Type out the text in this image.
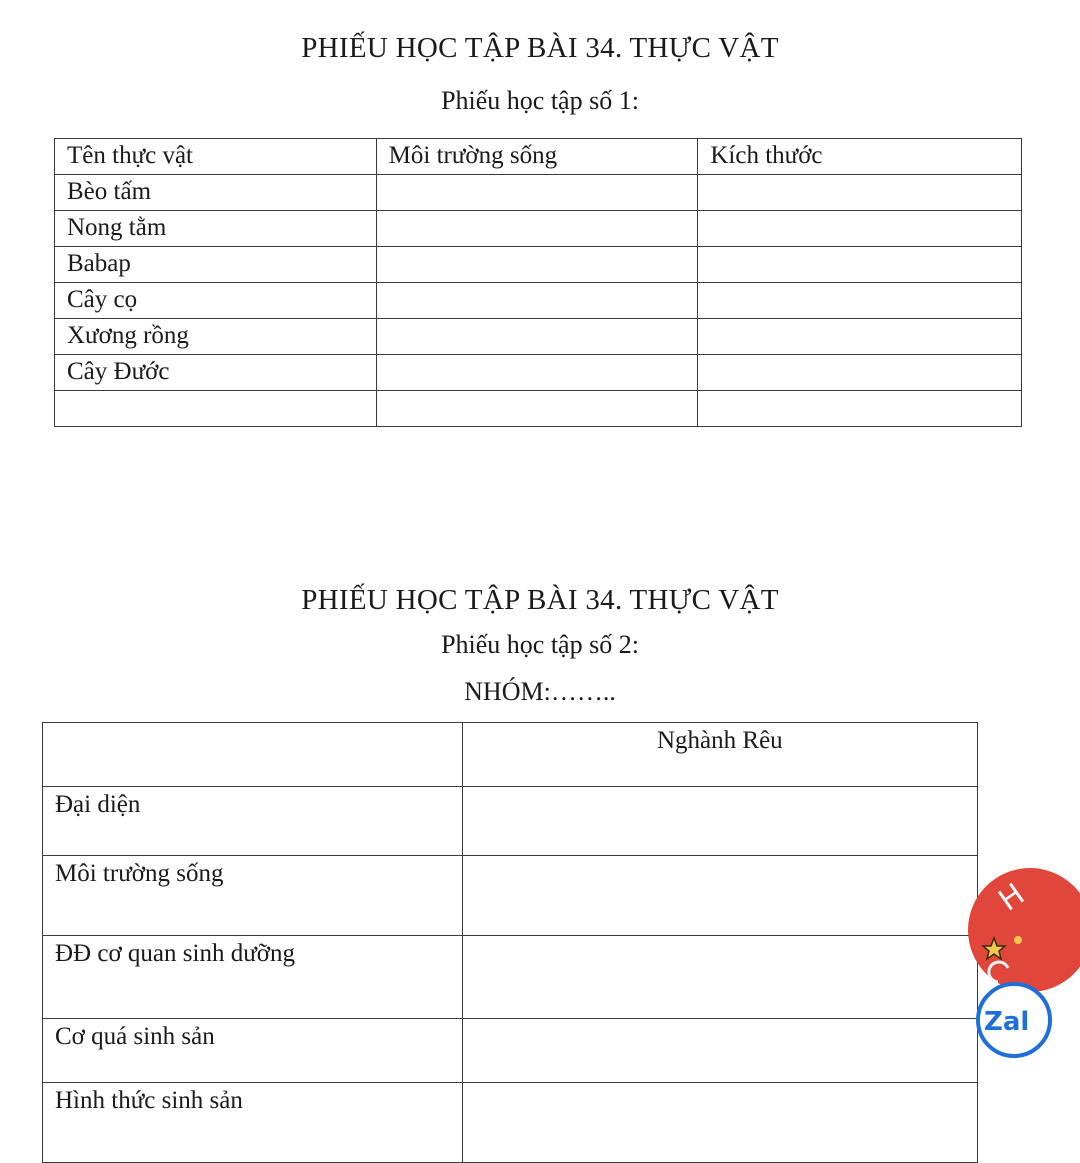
PHIẾU HỌC TẬP BÀI 34. THỰC VẬT
Phiếu học tập số 1:
Tên thực vật	Môi trường sống	Kích thước
Bèo tấm		
Nong tằm		
Babap		
Cây cọ		
Xương rồng		
Cây Đước		

PHIẾU HỌC TẬP BÀI 34. THỰC VẬT
Phiếu học tập số 2:
NHÓM:……..
	Nghành Rêu
Đại diện	
Môi trường sống	
ĐĐ cơ quan sinh dưỡng	
Cơ quá sinh sản	
Hình thức sinh sản	
H
Zal
